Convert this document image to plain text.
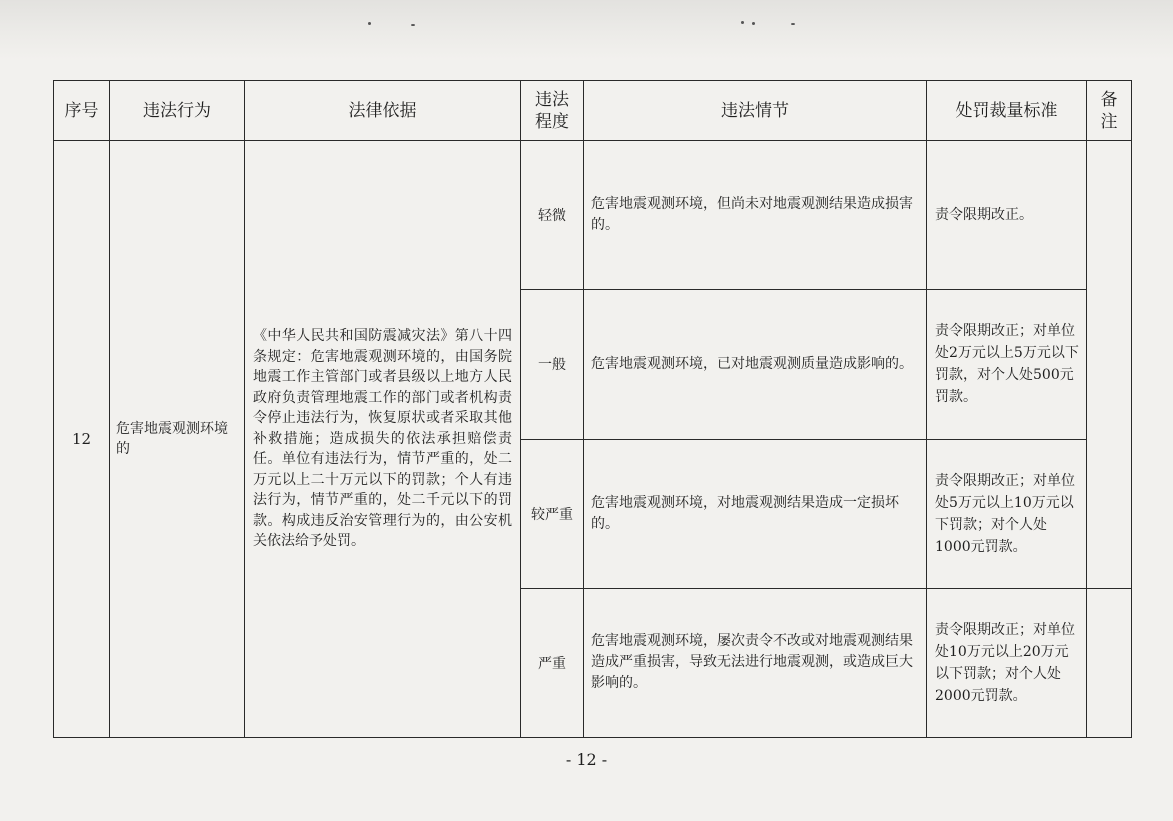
序号	违法行为	法律依据	违法程度	违法情节	处罚裁量标准	备注
12	危害地震观测环境的	《中华人民共和国防震减灾法》第八十四条规定：危害地震观测环境的，由国务院地震工作主管部门或者县级以上地方人民政府负责管理地震工作的部门或者机构责令停止违法行为，恢复原状或者采取其他补救措施；造成损失的依法承担赔偿责任。单位有违法行为，情节严重的，处二万元以上二十万元以下的罚款；个人有违法行为，情节严重的，处二千元以下的罚款。构成违反治安管理行为的，由公安机关依法给予处罚。	轻微	危害地震观测环境，但尚未对地震观测结果造成损害的。	责令限期改正。	
			一般	危害地震观测环境，已对地震观测质量造成影响的。	责令限期改正；对单位处2万元以上5万元以下罚款，对个人处500元罚款。	
			较严重	危害地震观测环境，对地震观测结果造成一定损坏的。	责令限期改正；对单位处5万元以上10万元以下罚款；对个人处1000元罚款。	
			严重	危害地震观测环境，屡次责令不改或对地震观测结果造成严重损害，导致无法进行地震观测，或造成巨大影响的。	责令限期改正；对单位处10万元以上20万元以下罚款；对个人处2000元罚款。	
- 12 -
